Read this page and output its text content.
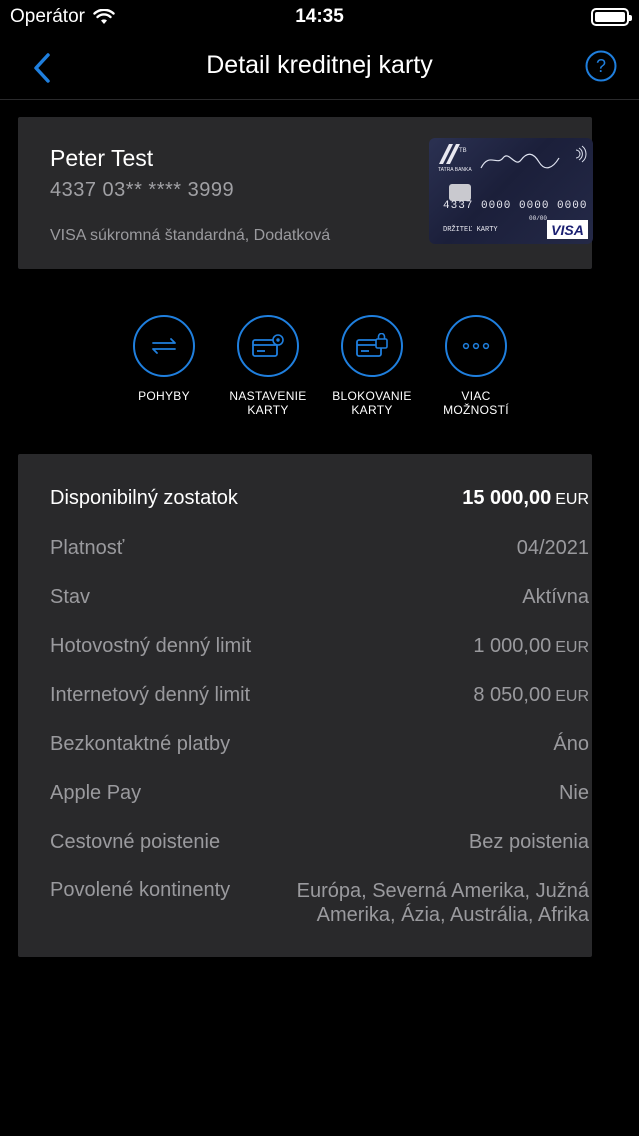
Operátor	14:35
Detail kreditnej karty	?
Peter Test
4337 03** **** 3999
VISA súkromná štandardná, Dodatková
TB
TATRA BANKA
4337 0000 0000 0000
00/00
DRŽITEĽ KARTY	VISA
POHYBY	NASTAVENIE
KARTY
BLOKOVANIE
KARTY
VIAC
MOŽNOSTÍ
Disponibilný zostatok	15 000,00 EUR
Platnosť	04/2021
Stav	Aktívna
Hotovostný denný limit	1 000,00 EUR
Internetový denný limit	8 050,00 EUR
Bezkontaktné platby	Áno
Apple Pay	Nie
Cestovné poistenie	Bez poistenia
Povolené kontinenty	Európa, Severná Amerika, Južná Amerika, Ázia, Austrália, Afrika
